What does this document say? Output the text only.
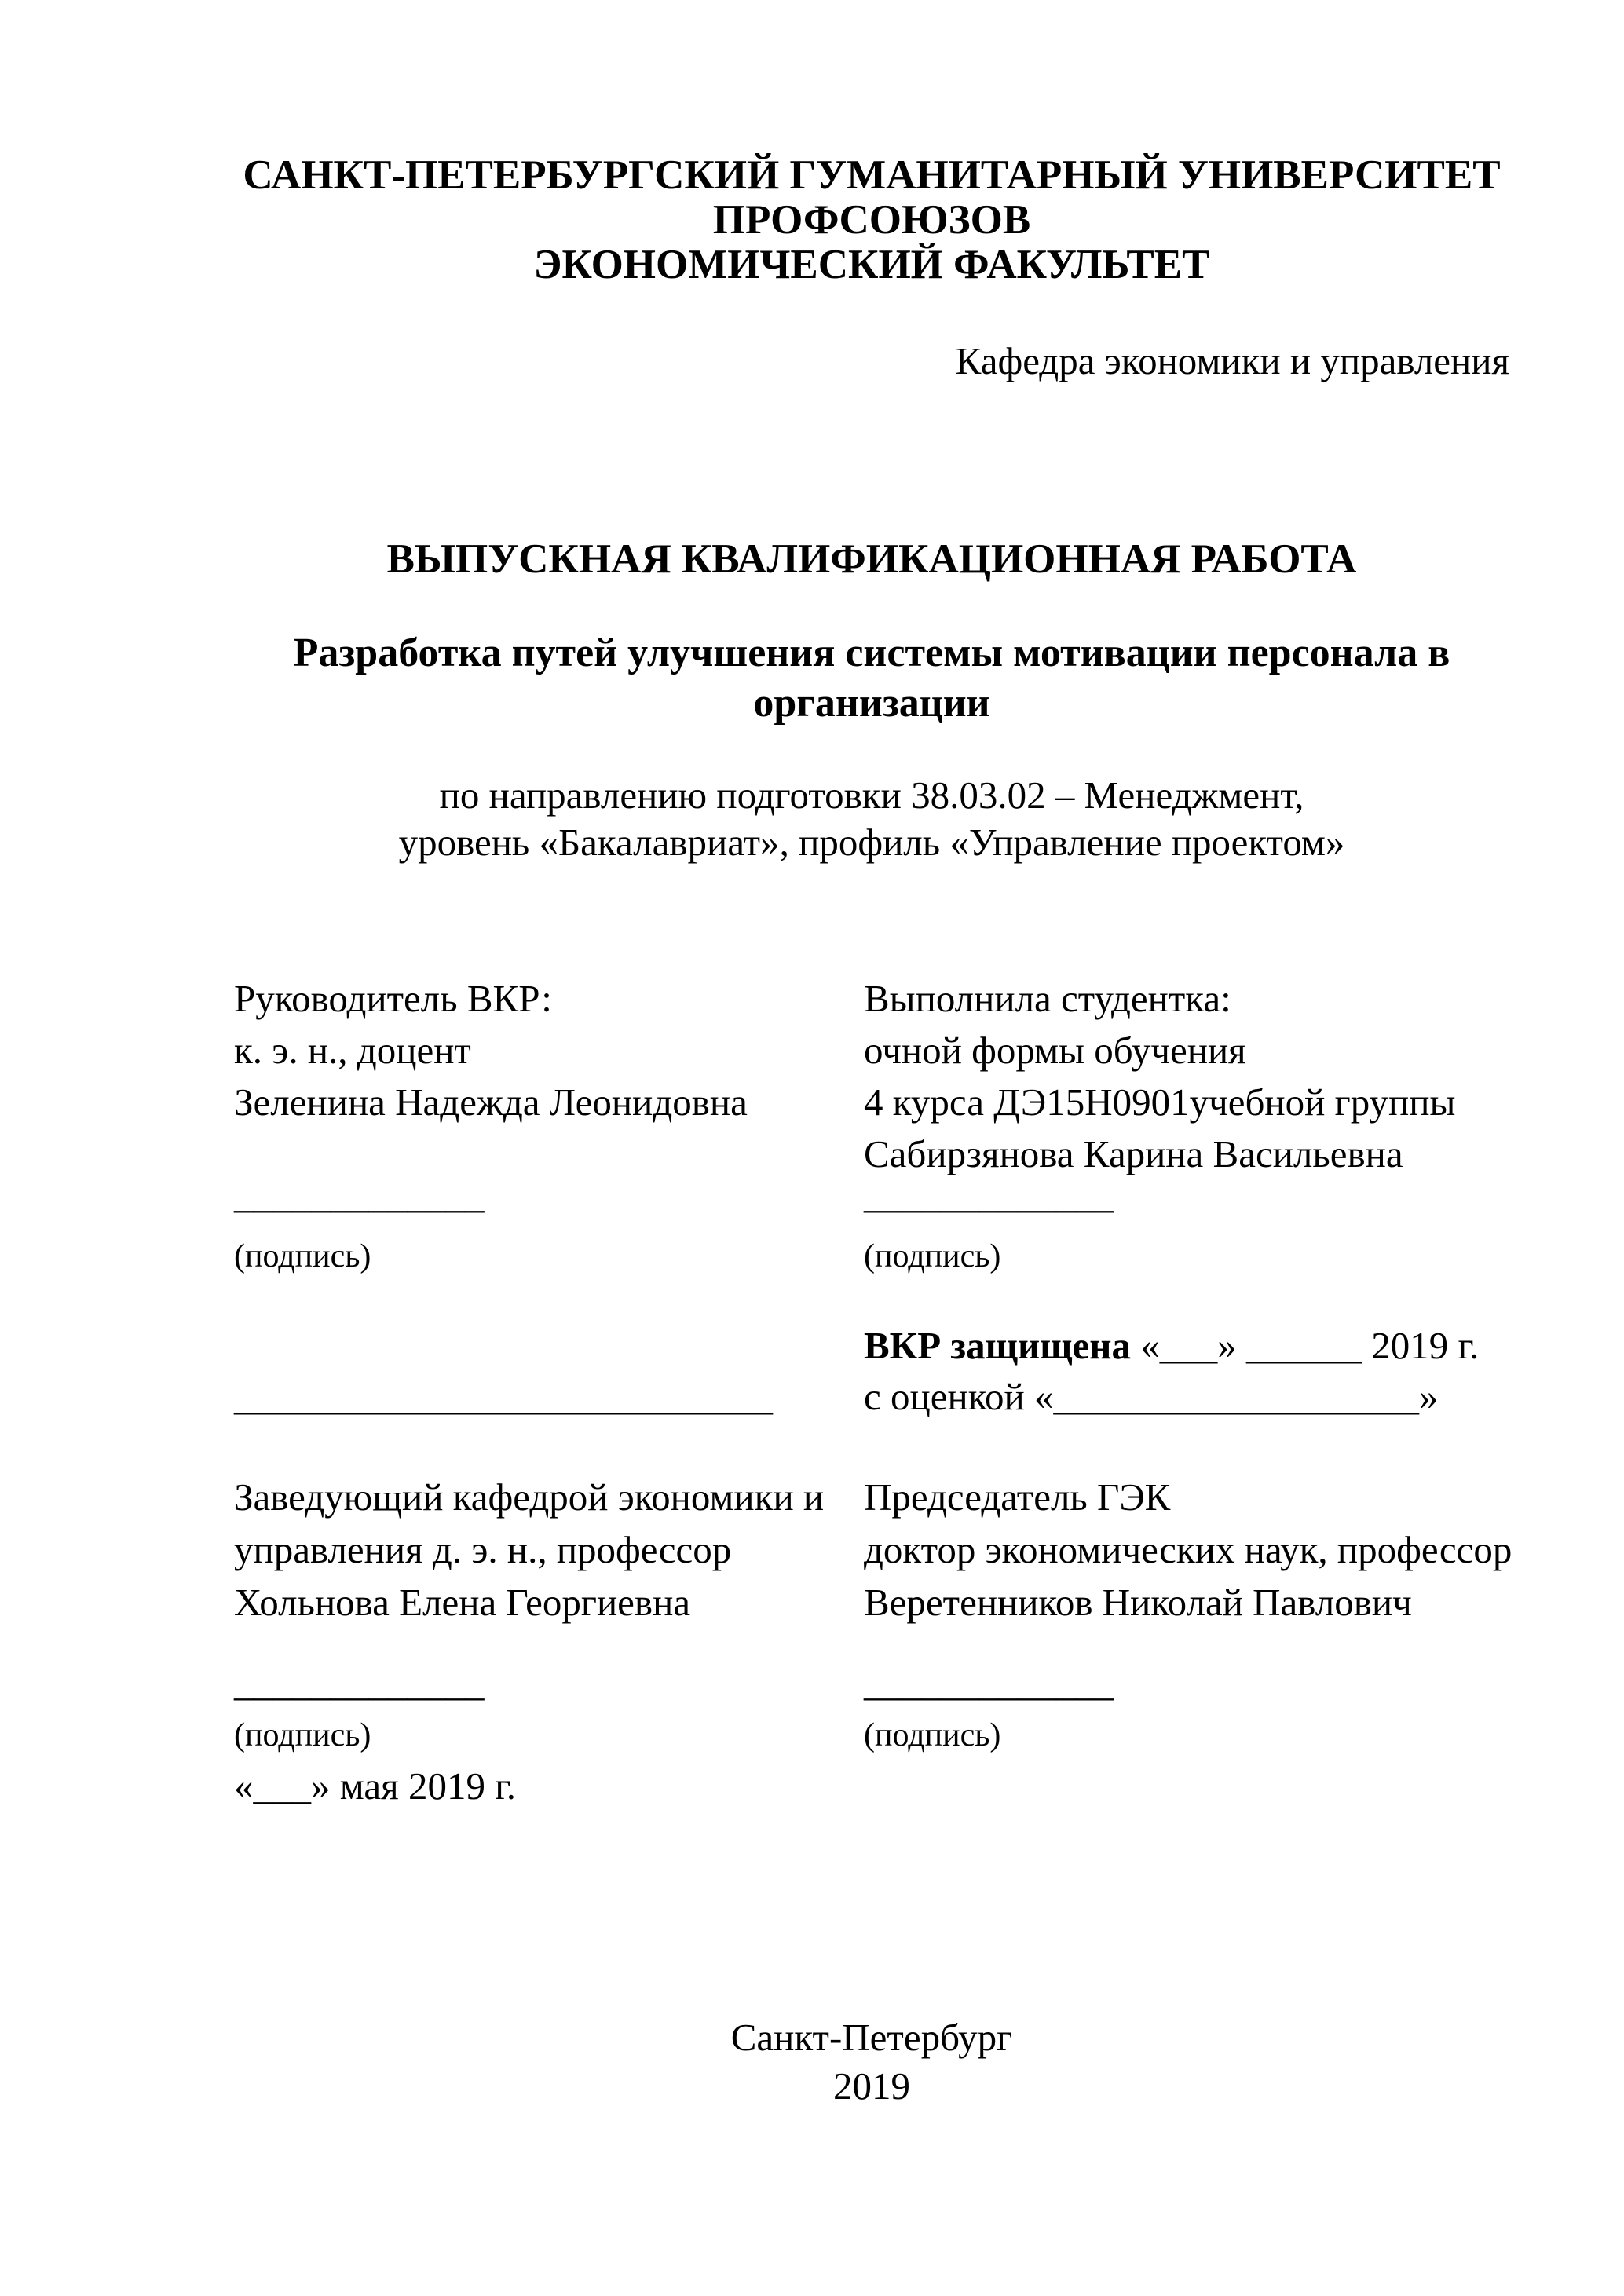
САНКТ-ПЕТЕРБУРГСКИЙ ГУМАНИТАРНЫЙ УНИВЕРСИТЕТ
ПРОФСОЮЗОВ
ЭКОНОМИЧЕСКИЙ ФАКУЛЬТЕТ
Кафедра экономики и управления
ВЫПУСКНАЯ КВАЛИФИКАЦИОННАЯ РАБОТА
Разработка путей улучшения системы мотивации персонала в
организации
по направлению подготовки 38.03.02 – Менеджмент,
уровень «Бакалавриат», профиль «Управление проектом»
Руководитель ВКР:
к. э. н., доцент
Зеленина Надежда Леонидовна
Выполнила студентка:
очной формы обучения
4 курса ДЭ15Н0901учебной группы
Сабирзянова Карина Васильевна
_____________	_____________
(подпись)	(подпись)
ВКР защищена «___» ______ 2019 г.
____________________________ с оценкой «___________________»
Заведующий кафедрой экономики и
управления д. э. н., профессор
Хольнова Елена Георгиевна
Председатель ГЭК
доктор экономических наук, профессор
Веретенников Николай Павлович
_____________	_____________
(подпись)	(подпись)
«___» мая 2019 г.
Санкт-Петербург
2019
